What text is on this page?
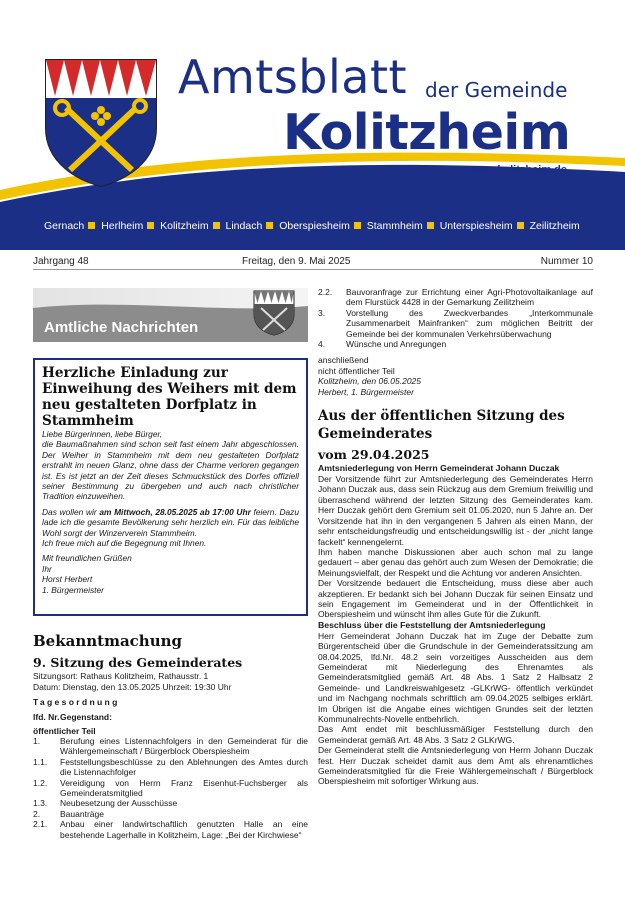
Amtsblatt der Gemeinde
Kolitzheim
www.kolitzheim.de
Gernach Herlheim Kolitzheim Lindach Oberspiesheim Stammheim Unterspiesheim Zeilitzheim
Jahrgang 48	Freitag, den 9. Mai 2025	Nummer 10
Amtliche Nachrichten
Herzliche Einladung zur Einweihung des Weihers mit dem neu gestalteten Dorfplatz in Stammheim

Liebe Bürgerinnen, liebe Bürger,

die Baumaßnahmen sind schon seit fast einem Jahr abgeschlossen. Der Weiher in Stammheim mit dem neu gestalteten Dorfplatz erstrahlt im neuen Glanz, ohne dass der Charme verloren gegangen ist. Es ist jetzt an der Zeit dieses Schmuckstück des Dorfes offiziell seiner Bestimmung zu übergeben und auch nach christlicher Tradition einzuweihen.

Das wollen wir am Mittwoch, 28.05.2025 ab 17:00 Uhr feiern. Dazu lade ich die gesamte Bevölkerung sehr herzlich ein. Für das leibliche Wohl sorgt der Winzerverein Stammheim.

Ich freue mich auf die Begegnung mit Ihnen.

Mit freundlichen Grüßen

Ihr

Horst Herbert

1. Bürgermeister

Bekanntmachung
9. Sitzung des Gemeinderates
Sitzungsort: Rathaus Kolitzheim, Rathausstr. 1
Datum: Dienstag, den 13.05.2025 Uhrzeit: 19:30 Uhr
Tagesordnung
lfd. Nr.Gegenstand:
öffentlicher Teil
1.	Berufung eines Listennachfolgers in den Gemeinderat für die Wählergemeinschaft / Bürgerblock Oberspiesheim
1.1.	Feststellungsbeschlüsse zu den Ablehnungen des Amtes durch die Listennachfolger
1.2.	Vereidigung von Herrn Franz Eisenhut-Fuchsberger als Gemeinderatsmitglied
1.3.	Neubesetzung der Ausschüsse
2.	Bauanträge
2.1.	Anbau einer landwirtschaftlich genutzten Halle an eine bestehende Lagerhalle in Kolitzheim, Lage: „Bei der Kirchwiese“
2.2.	Bauvoranfrage zur Errichtung einer Agri-Photovoltaikanlage auf dem Flurstück 4428 in der Gemarkung Zeilitzheim
3.	Vorstellung des Zweckverbandes „Interkommunale Zusammenarbeit Mainfranken“ zum möglichen Beitritt der Gemeinde bei der kommunalen Verkehrsüberwachung
4.	Wünsche und Anregungen

anschließend

nicht öffentlicher Teil

Kolitzheim, den 06.05.2025

Herbert, 1. Bürgermeister

Aus der öffentlichen Sitzung des Gemeinderates
vom 29.04.2025
Amtsniederlegung von Herrn Gemeinderat Johann Duczak

Der Vorsitzende führt zur Amtsniederlegung des Gemeinderates Herrn Johann Duczak aus, dass sein Rückzug aus dem Gremium freiwillig und überraschend während der letzten Sitzung des Gemeinderates kam. Herr Duczak gehört dem Gremium seit 01.05.2020, nun 5 Jahre an. Der Vorsitzende hat ihn in den vergangenen 5 Jahren als einen Mann, der sehr entscheidungsfreudig und entscheidungswillig ist - der „nicht lange fackelt“ kennengelernt.

Ihm haben manche Diskussionen aber auch schon mal zu lange gedauert – aber genau das gehört auch zum Wesen der Demokratie; die Meinungsvielfalt, der Respekt und die Achtung vor anderen Ansichten.

Der Vorsitzende bedauert die Entscheidung, muss diese aber auch akzeptieren. Er bedankt sich bei Johann Duczak für seinen Einsatz und sein Engagement im Gemeinderat und in der Öffentlichkeit in Oberspiesheim und wünscht ihm alles Gute für die Zukunft.

Beschluss über die Feststellung der Amtsniederlegung

Herr Gemeinderat Johann Duczak hat im Zuge der Debatte zum Bürgerentscheid über die Grundschule in der Gemeinderatssitzung am 08.04.2025, lfd.Nr. 48.2 sein vorzeitiges Ausscheiden aus dem Gemeinderat mit Niederlegung des Ehrenamtes als Gemeinderatsmitglied gemäß Art. 48 Abs. 1 Satz 2 Halbsatz 2 Gemeinde- und Landkreiswahlgesetz -GLKrWG- öffentlich verkündet und im Nachgang nochmals schriftlich am 09.04.2025 selbiges erklärt. Im Übrigen ist die Angabe eines wichtigen Grundes seit der letzten Kommunalrechts-Novelle entbehrlich.

Das Amt endet mit beschlussmäßiger Feststellung durch den Gemeinderat gemäß Art. 48 Abs. 3 Satz 2 GLKrWG.

Der Gemeinderat stellt die Amtsniederlegung von Herrn Johann Duczak fest. Herr Duczak scheidet damit aus dem Amt als ehrenamtliches Gemeinderatsmitglied für die Freie Wählergemeinschaft / Bürgerblock Oberspiesheim mit sofortiger Wirkung aus.
